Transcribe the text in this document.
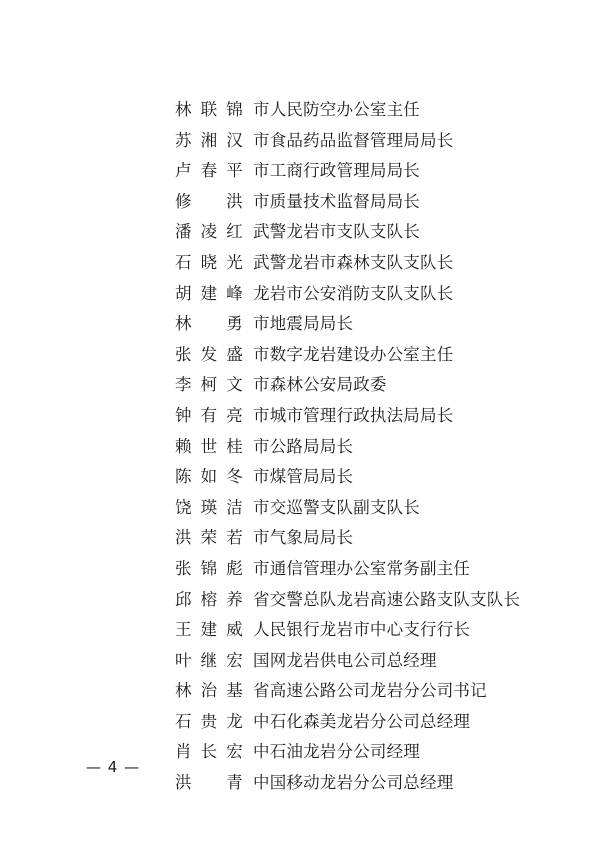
林联锦 市人民防空办公室主任
苏湘汉 市食品药品监督管理局局长
卢春平 市工商行政管理局局长
修　洪 市质量技术监督局局长
潘凌红 武警龙岩市支队支队长
石晓光 武警龙岩市森林支队支队长
胡建峰 龙岩市公安消防支队支队长
林　勇 市地震局局长
张发盛 市数字龙岩建设办公室主任
李柯文 市森林公安局政委
钟有亮 市城市管理行政执法局局长
赖世桂 市公路局局长
陈如冬 市煤管局局长
饶瑛洁 市交巡警支队副支队长
洪荣若 市气象局局长
张锦彪 市通信管理办公室常务副主任
邱榕养 省交警总队龙岩高速公路支队支队长
王建威 人民银行龙岩市中心支行行长
叶继宏 国网龙岩供电公司总经理
林治基 省高速公路公司龙岩分公司书记
石贵龙 中石化森美龙岩分公司总经理
肖长宏 中石油龙岩分公司经理
洪　青 中国移动龙岩分公司总经理
— 4 —
